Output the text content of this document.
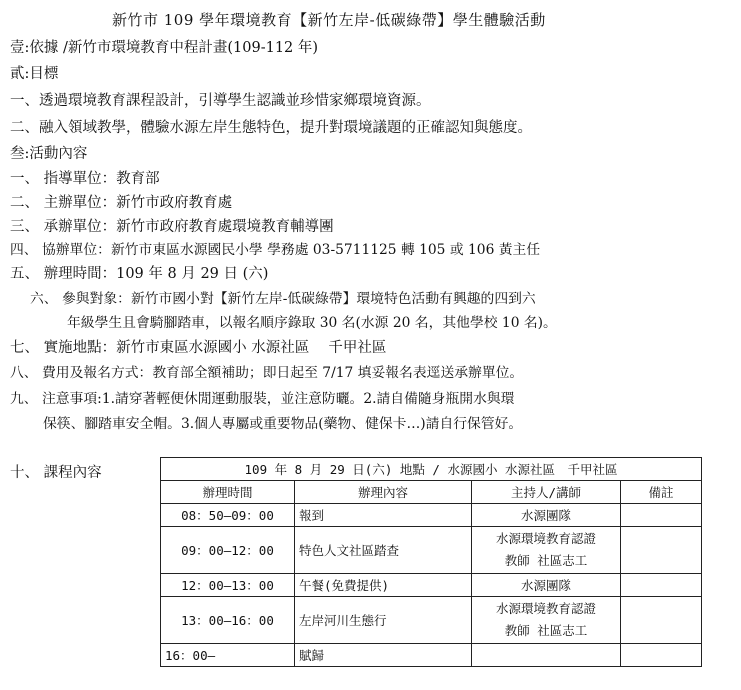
新竹市 109 學年環境教育【新竹左岸-低碳綠帶】學生體驗活動
壹:依據 /新竹市環境教育中程計畫(109-112 年)
貳:目標
一、透過環境教育課程設計，引導學生認識並珍惜家鄉環境資源。
二、融入領域教學，體驗水源左岸生態特色，提升對環境議題的正確認知與態度。
叁:活動內容
一、 指導單位：教育部
二、 主辦單位：新竹市政府教育處
三、 承辦單位：新竹市政府教育處環境教育輔導團
四、 協辦單位：新竹市東區水源國民小學 學務處 03-5711125 轉 105 或 106 黃主任
五、 辦理時間：109 年 8 月 29 日 (六)
六、 參與對象：新竹市國小對【新竹左岸-低碳綠帶】環境特色活動有興趣的四到六
年級學生且會騎腳踏車，以報名順序錄取 30 名(水源 20 名，其他學校 10 名)。
七、 實施地點：新竹市東區水源國小 水源社區　 千甲社區
八、 費用及報名方式：教育部全額補助；即日起至 7/17 填妥報名表逕送承辦單位。
九、 注意事項:1.請穿著輕便休閒運動服裝，並注意防曬。2.請自備隨身瓶開水與環
保筷、腳踏車安全帽。3.個人專屬或重要物品(藥物、健保卡…)請自行保管好。
十、 課程內容	109 年 8 月 29 日(六) 地點 / 水源國小 水源社區　千甲社區			
辦理時間	辦理內容	主持人/講師	備註
08：50—09：00	報到	水源團隊	
09：00—12：00	特色人文社區踏查	水源環境教育認證
教師 社區志工	

12：00—13：00	午餐(免費提供)	水源團隊	
13：00—16：00	左岸河川生態行	水源環境教育認證
教師 社區志工	

16：00—	賦歸		
